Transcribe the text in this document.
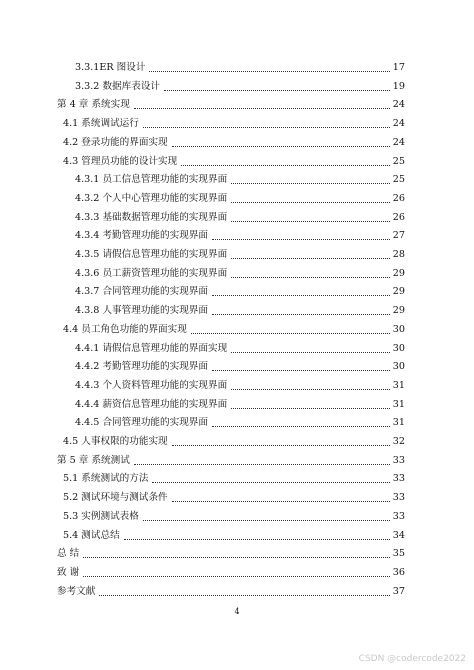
3.3.1ER 图设计	17
3.3.2 数据库表设计	19
第 4 章 系统实现	24
4.1 系统调试运行	24
4.2 登录功能的界面实现	24
4.3 管理员功能的设计实现	25
4.3.1 员工信息管理功能的实现界面	25
4.3.2 个人中心管理功能的实现界面	26
4.3.3 基础数据管理功能的实现界面	26
4.3.4 考勤管理功能的实现界面	27
4.3.5 请假信息管理功能的实现界面	28
4.3.6 员工薪资管理功能的实现界面	29
4.3.7 合同管理功能的实现界面	29
4.3.8 人事管理功能的实现界面	29
4.4 员工角色功能的界面实现	30
4.4.1 请假信息管理功能的界面实现	30
4.4.2 考勤管理功能的实现界面	30
4.4.3 个人资料管理功能的实现界面	31
4.4.4 薪资信息管理功能的实现界面	31
4.4.5 合同管理功能的实现界面	31
4.5 人事权限的功能实现	32
第 5 章 系统测试	33
5.1 系统测试的方法	33
5.2 测试环境与测试条件	33
5.3 实例测试表格	33
5.4 测试总结	34
总 结	35
致 谢	36
参考文献	37
4
CSDN @codercode2022
